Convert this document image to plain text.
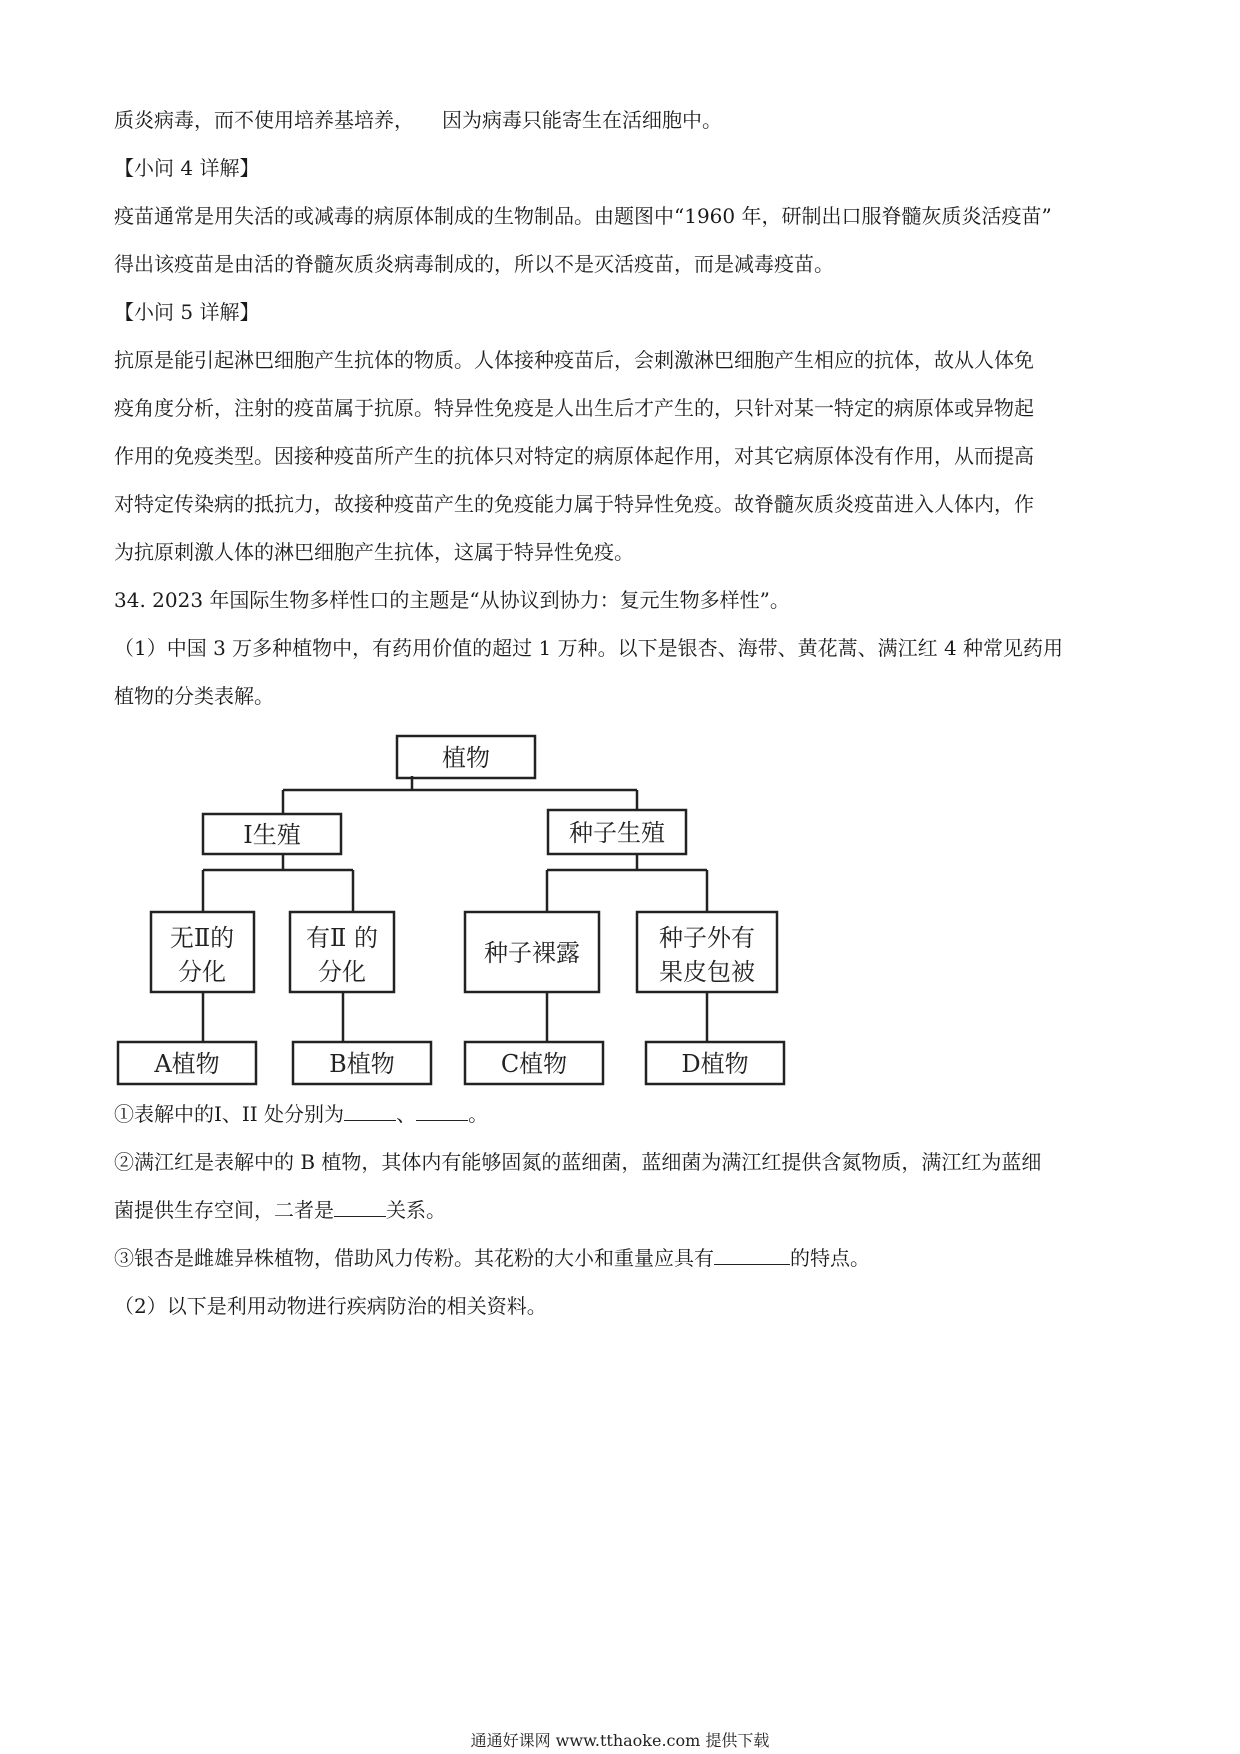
质炎病毒，而不使用培养基培养， 因为病毒只能寄生在活细胞中。
【小问 4 详解】
疫苗通常是用失活的或减毒的病原体制成的生物制品。由题图中“1960 年，研制出口服脊髓灰质炎活疫苗”
得出该疫苗是由活的脊髓灰质炎病毒制成的，所以不是灭活疫苗，而是减毒疫苗。
【小问 5 详解】
抗原是能引起淋巴细胞产生抗体的物质。人体接种疫苗后，会刺激淋巴细胞产生相应的抗体，故从人体免
疫角度分析，注射的疫苗属于抗原。特异性免疫是人出生后才产生的，只针对某一特定的病原体或异物起
作用的免疫类型。因接种疫苗所产生的抗体只对特定的病原体起作用，对其它病原体没有作用，从而提高
对特定传染病的抵抗力，故接种疫苗产生的免疫能力属于特异性免疫。故脊髓灰质炎疫苗进入人体内，作
为抗原刺激人体的淋巴细胞产生抗体，这属于特异性免疫。
34. 2023 年国际生物多样性口的主题是“从协议到协力：复元生物多样性”。
（1）中国 3 万多种植物中，有药用价值的超过 1 万种。以下是银杏、海带、黄花蒿、满江红 4 种常见药用
植物的分类表解。
植物
Ⅰ生殖	种子生殖
无Ⅱ的
分化
有Ⅱ 的
分化
种子裸露
种子外有
果皮包被
A植物	B植物	C植物	D植物
①表解中的I、II 处分别为	、	。
②满江红是表解中的 B 植物，其体内有能够固氮的蓝细菌，蓝细菌为满江红提供含氮物质，满江红为蓝细
菌提供生存空间，二者是	关系。
③银杏是雌雄异株植物，借助风力传粉。其花粉的大小和重量应具有	的特点。
（2）以下是利用动物进行疾病防治的相关资料。
通通好课网 www.tthaoke.com 提供下载
